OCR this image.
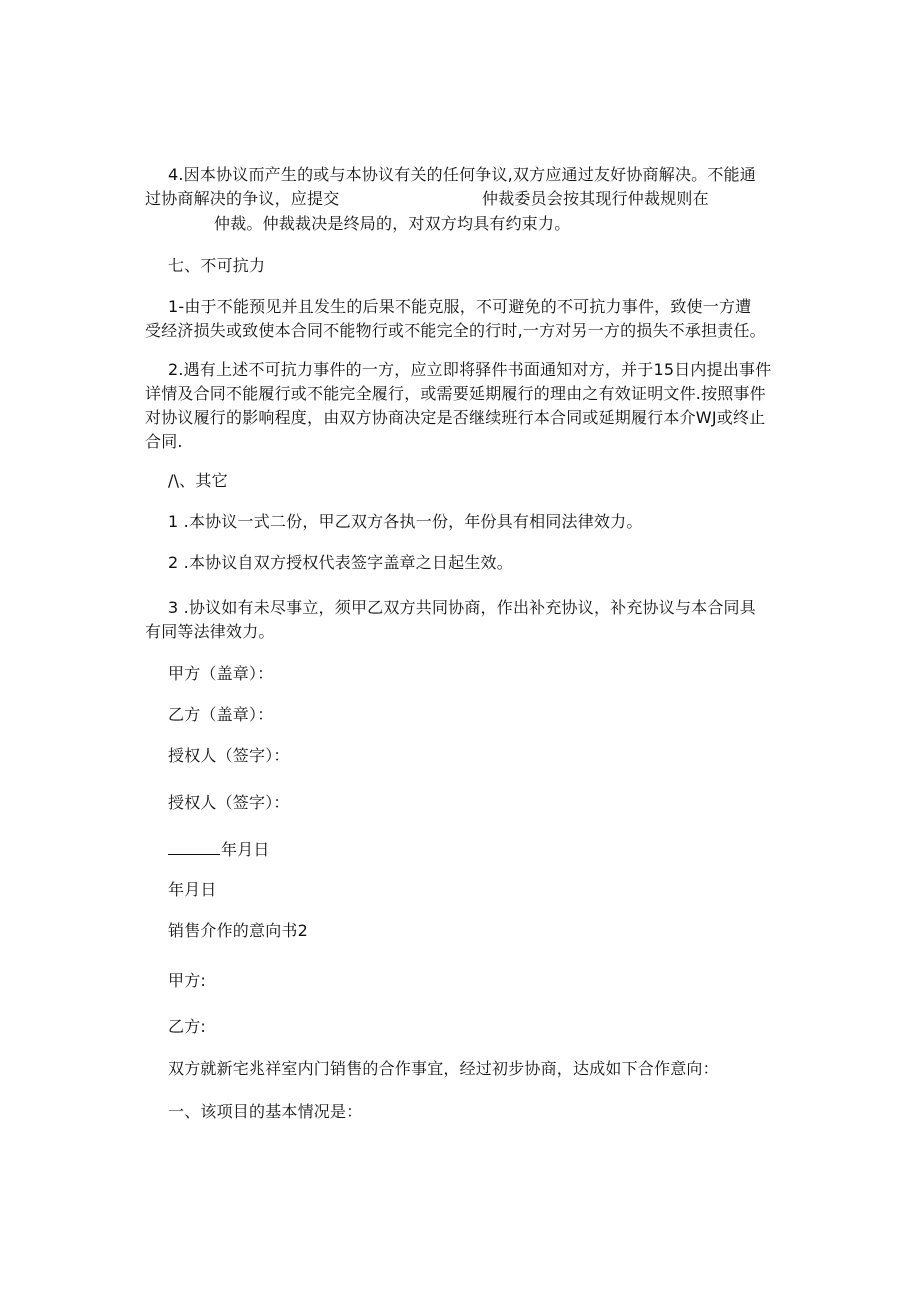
4.因本协议而产生的或与本协议有关的任何争议,双方应通过友好协商解决。不能通
过协商解决的争议，应提交	仲裁委员会按其现行仲裁规则在
仲裁。仲裁裁决是终局的，对双方均具有约束力。
七、不可抗力
1-由于不能预见并且发生的后果不能克服，不可避免的不可抗力事件，致使一方遭
受经济损失或致使本合同不能物行或不能完全的行时,一方对另一方的损失不承担责任。
2.遇有上述不可抗力事件的一方，应立即将驿件书面通知对方，并于15日内提出事件
详情及合同不能履行或不能完全履行，或需要延期履行的理由之有效证明文件.按照事件
对协议履行的影响程度，由双方协商决定是否继续班行本合同或延期履行本介WJ或终止
合同.
/\、其它
1 .本协议一式二份，甲乙双方各执一份，年份具有相同法律效力。
2 .本协议自双方授权代表签字盖章之日起生效。
3 .协议如有未尽事立，须甲乙双方共同协商，作出补充协议，补充协议与本合同具
有同等法律效力。
甲方（盖章）：
乙方（盖章）：
授权人（签字）：
授权人（签字）：
年月日
年月日
销售介作的意向书2
甲方:
乙方:
双方就新宅兆祥室内门销售的合作事宜，经过初步协商，达成如下合作意向：
一、该项目的基本情况是：
